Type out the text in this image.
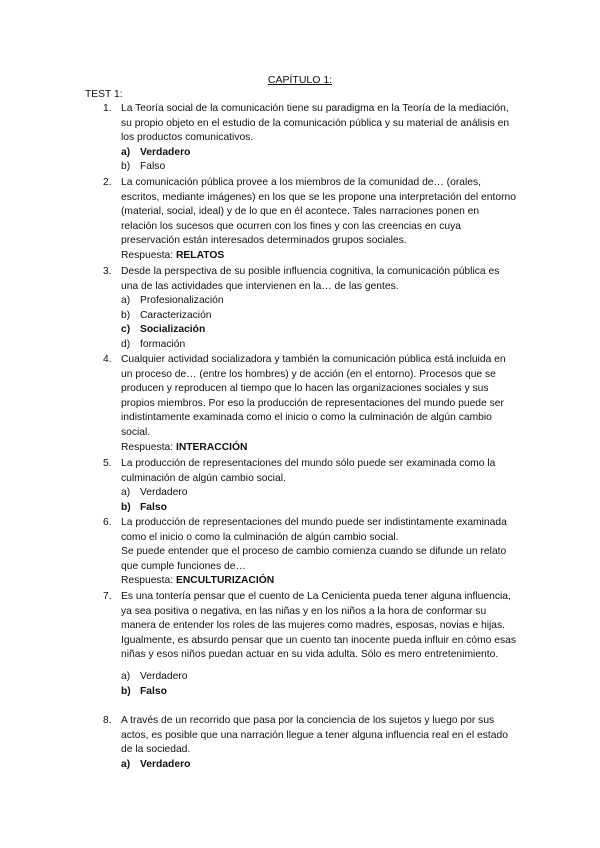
CAPÍTULO 1:
TEST 1:
1. La Teoría social de la comunicación tiene su paradigma en la Teoría de la mediación, su propio objeto en el estudio de la comunicación pública y su material de análisis en los productos comunicativos.
a) Verdadero
b) Falso
2. La comunicación pública provee a los miembros de la comunidad de… (orales, escritos, mediante imágenes) en los que se les propone una interpretación del entorno (material, social, ideal) y de lo que en él acontece. Tales narraciones ponen en relación los sucesos que ocurren con los fines y con las creencias en cuya preservación están interesados determinados grupos sociales.
Respuesta: RELATOS
3. Desde la perspectiva de su posible influencia cognitiva, la comunicación pública es una de las actividades que intervienen en la… de las gentes.
a) Profesionalización
b) Caracterización
c) Socialización
d) formación
4. Cualquier actividad socializadora y también la comunicación pública está incluida en un proceso de… (entre los hombres) y de acción (en el entorno). Procesos que se producen y reproducen al tiempo que lo hacen las organizaciones sociales y sus propios miembros. Por eso la producción de representaciones del mundo puede ser indistintamente examinada como el inicio o como la culminación de algún cambio social.
Respuesta: INTERACCIÓN
5. La producción de representaciones del mundo sólo puede ser examinada como la culminación de algún cambio social.
a) Verdadero
b) Falso
6. La producción de representaciones del mundo puede ser indistintamente examinada como el inicio o como la culminación de algún cambio social.
Se puede entender que el proceso de cambio comienza cuando se difunde un relato que cumple funciones de…
Respuesta: ENCULTURIZACIÓN
7. Es una tontería pensar que el cuento de La Cenicienta pueda tener alguna influencia, ya sea positiva o negativa, en las niñas y en los niños a la hora de conformar su manera de entender los roles de las mujeres como madres, esposas, novias e hijas. Igualmente, es absurdo pensar que un cuento tan inocente pueda influir en cómo esas niñas y esos niños puedan actuar en su vida adulta. Sólo es mero entretenimiento.
a) Verdadero
b) Falso
8. A través de un recorrido que pasa por la conciencia de los sujetos y luego por sus actos, es posible que una narración llegue a tener alguna influencia real en el estado de la sociedad.
a) Verdadero
